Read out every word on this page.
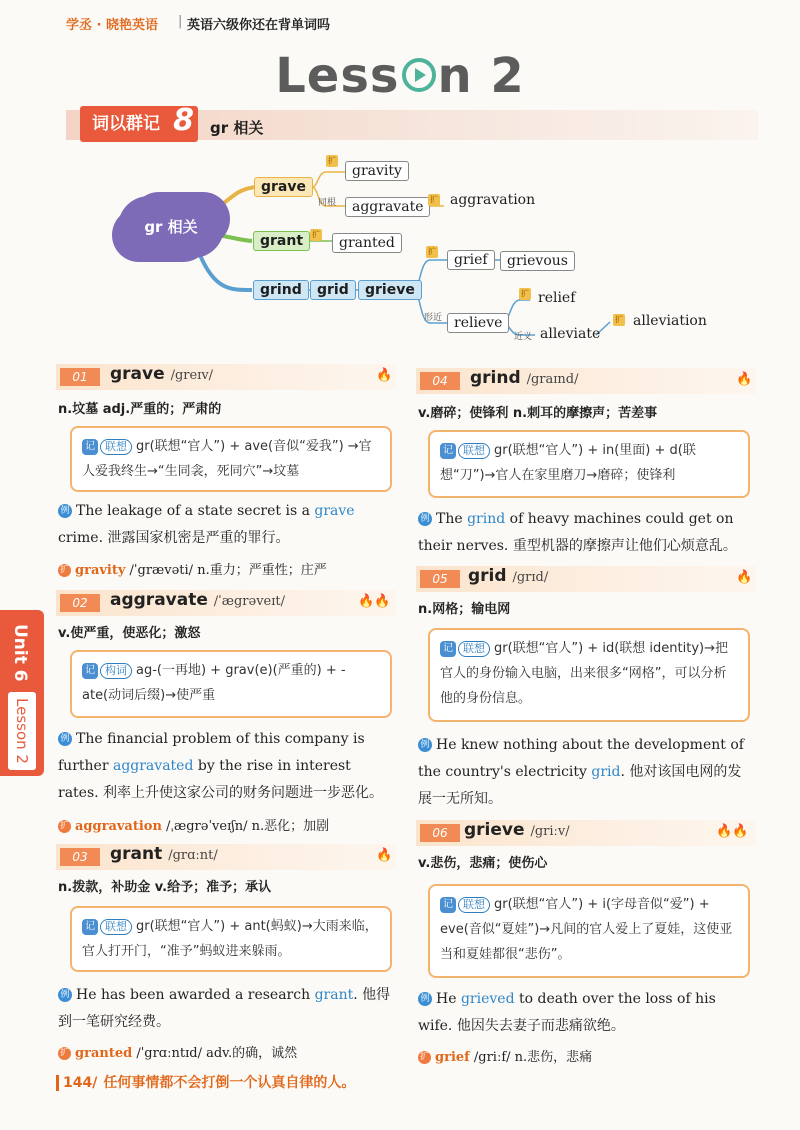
学丞 · 晓艳英语 | 英语六级你还在背单词吗
Less n 2
词以群记 8 gr 相关
gr 相关
grave
扩
gravity
同根	aggravate 扩 aggravation
grant	扩
granted
grind	grid	grieve
扩
grief	grievous
形近 relieve
扩 relief
近义 alleviate
扩 alleviation
Unit 6
Lesson 2
01	grave /greɪv/	🔥
n.坟墓 adj.严重的；严肃的
记 联想 gr(联想“官人”) + ave(音似“爱我”) →官人爱我终生→“生同衾，死同穴”→坟墓
例 The leakage of a state secret is a grave crime. 泄露国家机密是严重的罪行。
扩 gravity /ˈgrævəti/ n.重力；严重性；庄严
02	aggravate /ˈægrəveɪt/	🔥🔥
v.使严重，使恶化；激怒
记 构词 ag-(一再地) + grav(e)(严重的) + -ate(动词后缀)→使严重
例 The financial problem of this company is further aggravated by the rise in interest rates. 利率上升使这家公司的财务问题进一步恶化。
扩 aggravation /ˌægrəˈveɪʃn/ n.恶化；加剧
03	grant /grɑːnt/	🔥
n.拨款，补助金 v.给予；准予；承认
记 联想 gr(联想“官人”) + ant(蚂蚁)→大雨来临，官人打开门，“准予”蚂蚁进来躲雨。
例 He has been awarded a research grant. 他得到一笔研究经费。
扩 granted /ˈgrɑːntɪd/ adv.的确，诚然
04	grind /graɪnd/	🔥
v.磨碎；使锋利 n.刺耳的摩擦声；苦差事
记 联想 gr(联想“官人”) + in(里面) + d(联想“刀”)→官人在家里磨刀→磨碎；使锋利
例 The grind of heavy machines could get on their nerves. 重型机器的摩擦声让他们心烦意乱。
05	grid /grɪd/	🔥
n.网格；输电网
记 联想 gr(联想“官人”) + id(联想 identity)→把官人的身份输入电脑，出来很多“网格”，可以分析他的身份信息。
例 He knew nothing about the development of the country's electricity grid. 他对该国电网的发展一无所知。
06 grieve /griːv/	🔥🔥
v.悲伤，悲痛；使伤心
记 联想 gr(联想“官人”) + i(字母音似“爱”) + eve(音似“夏娃”)→凡间的官人爱上了夏娃，这使亚当和夏娃都很“悲伤”。
例 He grieved to death over the loss of his wife. 他因失去妻子而悲痛欲绝。
扩 grief /griːf/ n.悲伤，悲痛
144/ 任何事情都不会打倒一个认真自律的人。
